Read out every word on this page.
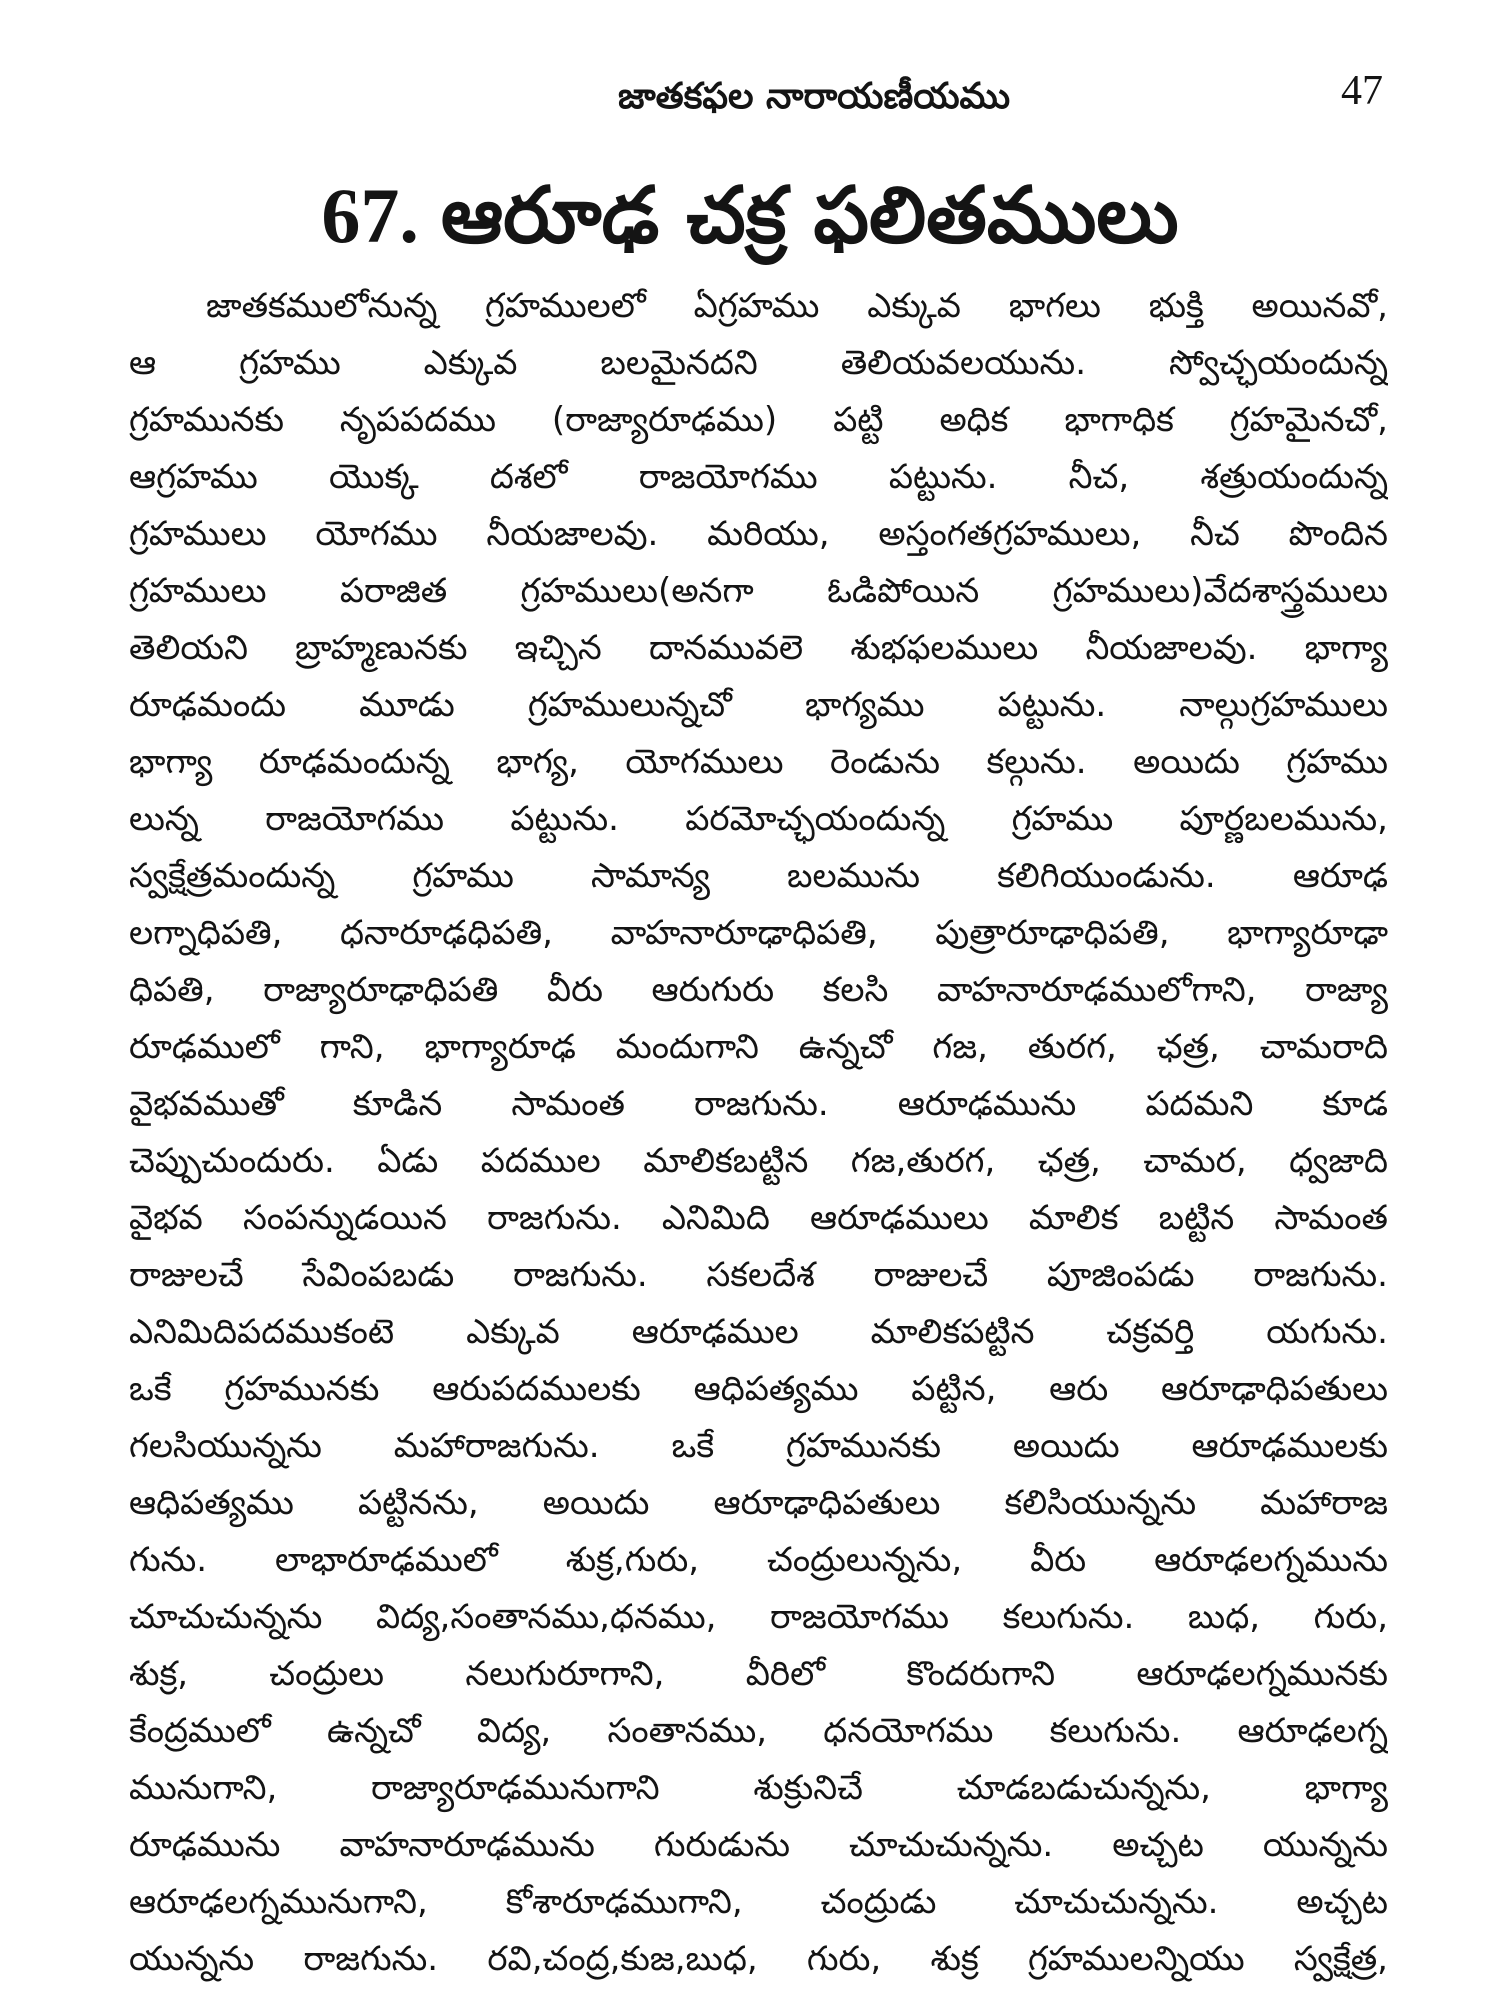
జాతకఫల నారాయణీయము	47
67. ఆరూఢ చక్ర ఫలితములు
జాతకములోనున్న గ్రహములలో ఏగ్రహము ఎక్కువ భాగలు భుక్తి అయినవో,
ఆ గ్రహము ఎక్కువ బలమైనదని తెలియవలయును. స్వోచ్ఛయందున్న
గ్రహమునకు నృపపదము (రాజ్యారూఢము) పట్టి అధిక భాగాధిక గ్రహమైనచో,
ఆగ్రహము యొక్క దశలో రాజయోగము పట్టును. నీచ, శత్రుయందున్న
గ్రహములు యోగము నీయజాలవు. మరియు, అస్తంగతగ్రహములు, నీచ పొందిన
గ్రహములు పరాజిత గ్రహములు(అనగా ఓడిపోయిన గ్రహములు)వేదశాస్త్రములు
తెలియని బ్రాహ్మణునకు ఇచ్చిన దానమువలె శుభఫలములు నీయజాలవు. భాగ్యా
రూఢమందు మూడు గ్రహములున్నచో భాగ్యము పట్టును. నాల్గుగ్రహములు
భాగ్యా రూఢమందున్న భాగ్య, యోగములు రెండును కల్గును. అయిదు గ్రహము
లున్న రాజయోగము పట్టును. పరమోచ్ఛయందున్న గ్రహము పూర్ణబలమును,
స్వక్షేత్రమందున్న గ్రహము సామాన్య బలమును కలిగియుండును. ఆరూఢ
లగ్నాధిపతి, ధనారూఢధిపతి, వాహనారూఢాధిపతి, పుత్రారూఢాధిపతి, భాగ్యారూఢా
ధిపతి, రాజ్యారూఢాధిపతి వీరు ఆరుగురు కలసి వాహనారూఢములోగాని, రాజ్యా
రూఢములో గాని, భాగ్యారూఢ మందుగాని ఉన్నచో గజ, తురగ, ఛత్ర, చామరాది
వైభవముతో కూడిన సామంత రాజగును. ఆరూఢమును పదమని కూడ
చెప్పుచుందురు. ఏడు పదముల మాలికబట్టిన గజ,తురగ, ఛత్ర, చామర, ధ్వజాది
వైభవ సంపన్నుడయిన రాజగును. ఎనిమిది ఆరూఢములు మాలిక బట్టిన సామంత
రాజులచే సేవింపబడు రాజగును. సకలదేశ రాజులచే పూజింపడు రాజగును.
ఎనిమిదిపదముకంటె ఎక్కువ ఆరూఢముల మాలికపట్టిన చక్రవర్తి యగును.
ఒకే గ్రహమునకు ఆరుపదములకు ఆధిపత్యము పట్టిన, ఆరు ఆరూఢాధిపతులు
గలసియున్నను మహారాజగును. ఒకే గ్రహమునకు అయిదు ఆరూఢములకు
ఆధిపత్యము పట్టినను, అయిదు ఆరూఢాధిపతులు కలిసియున్నను మహారాజ
గును. లాభారూఢములో శుక్ర,గురు, చంద్రులున్నను, వీరు ఆరూఢలగ్నమును
చూచుచున్నను విద్య,సంతానము,ధనము, రాజయోగము కలుగును. బుధ, గురు,
శుక్ర, చంద్రులు నలుగురూగాని, వీరిలో కొందరుగాని ఆరూఢలగ్నమునకు
కేంద్రములో ఉన్నచో విద్య, సంతానము, ధనయోగము కలుగును. ఆరూఢలగ్న
మునుగాని, రాజ్యారూఢమునుగాని శుక్రునిచే చూడబడుచున్నను, భాగ్యా
రూఢమును వాహనారూఢమును గురుడును చూచుచున్నను. అచ్చట యున్నను
ఆరూఢలగ్నమునుగాని, కోశారూఢముగాని, చంద్రుడు చూచుచున్నను. అచ్చట
యున్నను రాజగును. రవి,చంద్ర,కుజ,బుధ, గురు, శుక్ర గ్రహములన్నియు స్వక్షేత్ర,
